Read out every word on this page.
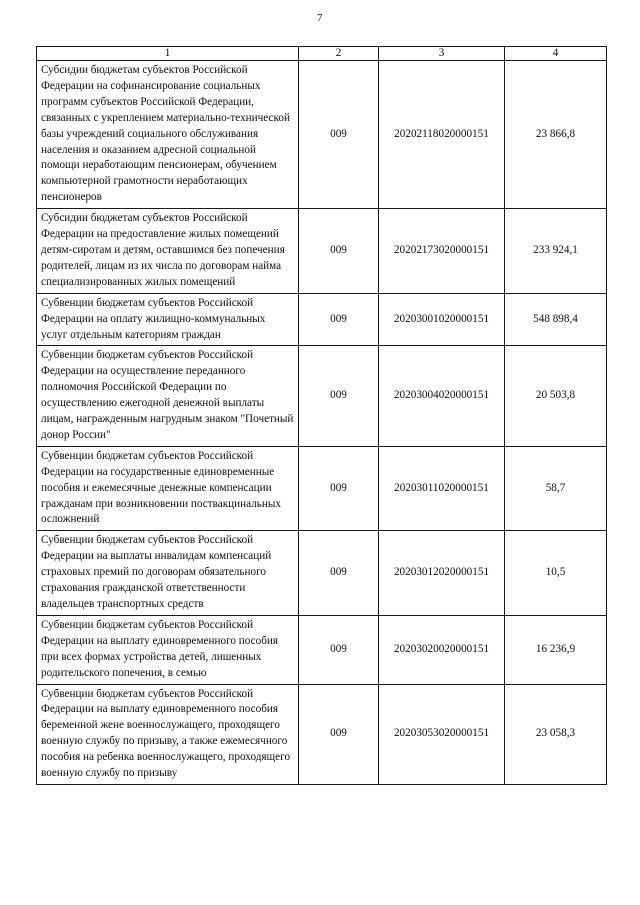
7
1	2	3	4
Субсидии бюджетам субъектов Российской Федерации на софинансирование социальных программ субъектов Российской Федерации, связанных с укреплением материально-технической базы учреждений социального обслуживания населения и оказанием адресной социальной помощи неработающим пенсионерам, обучением компьютерной грамотности неработающих пенсионеров	009	20202118020000151	23 866,8
Субсидии бюджетам субъектов Российской Федерации на предоставление жилых помещений детям-сиротам и детям, оставшимся без попечения родителей, лицам из их числа по договорам найма специализированных жилых помещений	009	20202173020000151	233 924,1
Субвенции бюджетам субъектов Российской Федерации на оплату жилищно-коммунальных услуг отдельным категориям граждан	009	20203001020000151	548 898,4
Субвенции бюджетам субъектов Российской Федерации на осуществление переданного полномочия Российской Федерации по осуществлению ежегодной денежной выплаты лицам, награжденным нагрудным знаком "Почетный донор России"	009	20203004020000151	20 503,8
Субвенции бюджетам субъектов Российской Федерации на государственные единовременные пособия и ежемесячные денежные компенсации гражданам при возникновении поствакцинальных осложнений	009	20203011020000151	58,7
Субвенции бюджетам субъектов Российской Федерации на выплаты инвалидам компенсаций страховых премий по договорам обязательного страхования гражданской ответственности владельцев транспортных средств	009	20203012020000151	10,5
Субвенции бюджетам субъектов Российской Федерации на выплату единовременного пособия при всех формах устройства детей, лишенных родительского попечения, в семью	009	20203020020000151	16 236,9
Субвенции бюджетам субъектов Российской Федерации на выплату единовременного пособия беременной жене военнослужащего, проходящего военную службу по призыву, а также ежемесячного пособия на ребенка военнослужащего, проходящего военную службу по призыву	009	20203053020000151	23 058,3
